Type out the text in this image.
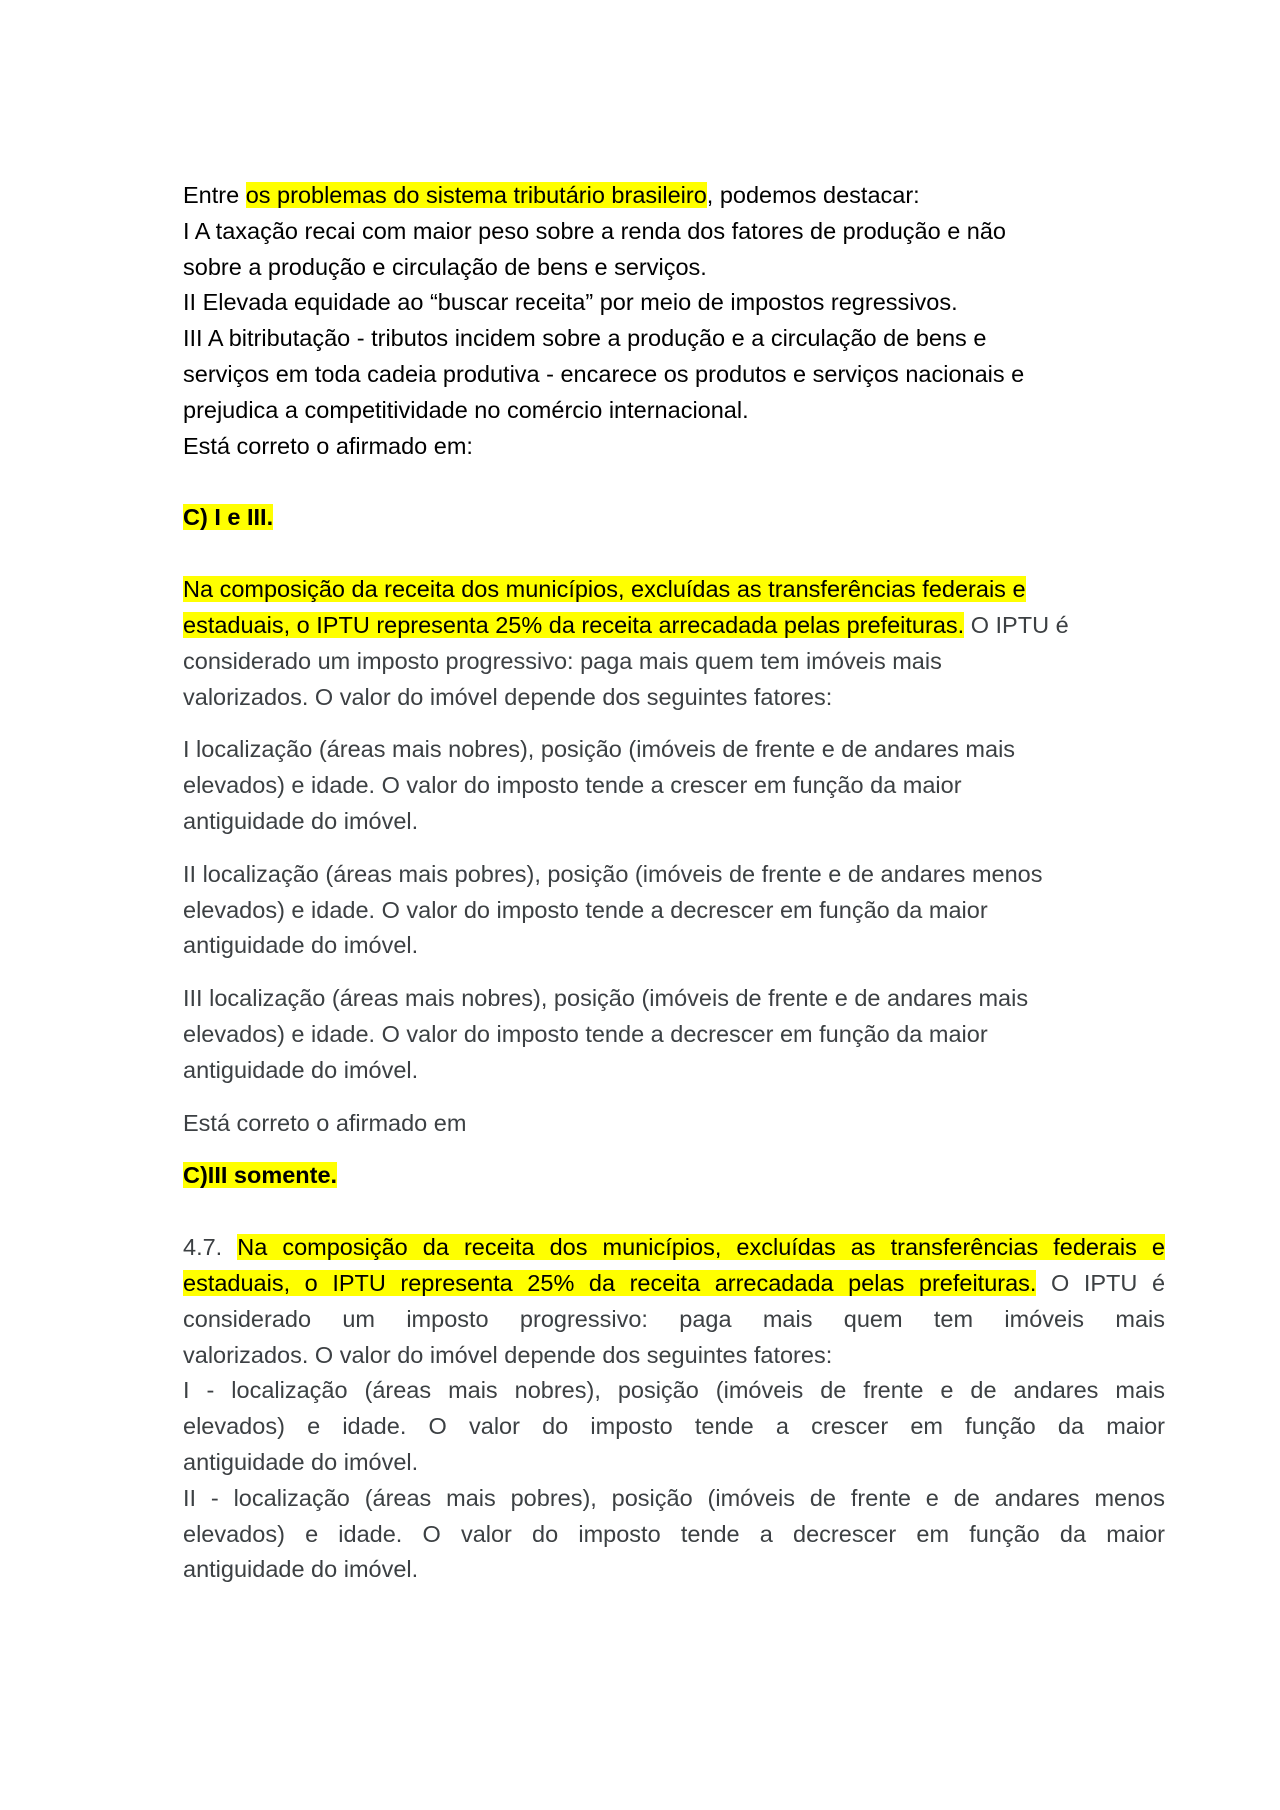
Entre os problemas do sistema tributário brasileiro, podemos destacar:

I A taxação recai com maior peso sobre a renda dos fatores de produção e não

sobre a produção e circulação de bens e serviços.

II Elevada equidade ao “buscar receita” por meio de impostos regressivos.

III A bitributação - tributos incidem sobre a produção e a circulação de bens e

serviços em toda cadeia produtiva - encarece os produtos e serviços nacionais e

prejudica a competitividade no comércio internacional.

Está correto o afirmado em:

C) I e III.

Na composição da receita dos municípios, excluídas as transferências federais e

estaduais, o IPTU representa 25% da receita arrecadada pelas prefeituras. O IPTU é

considerado um imposto progressivo: paga mais quem tem imóveis mais

valorizados. O valor do imóvel depende dos seguintes fatores:

I localização (áreas mais nobres), posição (imóveis de frente e de andares mais

elevados) e idade. O valor do imposto tende a crescer em função da maior

antiguidade do imóvel.

II localização (áreas mais pobres), posição (imóveis de frente e de andares menos

elevados) e idade. O valor do imposto tende a decrescer em função da maior

antiguidade do imóvel.

III localização (áreas mais nobres), posição (imóveis de frente e de andares mais

elevados) e idade. O valor do imposto tende a decrescer em função da maior

antiguidade do imóvel.

Está correto o afirmado em

C)III somente.

4.7. Na composição da receita dos municípios, excluídas as transferências federais e

estaduais, o IPTU representa 25% da receita arrecadada pelas prefeituras. O IPTU é

considerado um imposto progressivo: paga mais quem tem imóveis mais

valorizados. O valor do imóvel depende dos seguintes fatores:

I - localização (áreas mais nobres), posição (imóveis de frente e de andares mais

elevados) e idade. O valor do imposto tende a crescer em função da maior

antiguidade do imóvel.

II - localização (áreas mais pobres), posição (imóveis de frente e de andares menos

elevados) e idade. O valor do imposto tende a decrescer em função da maior

antiguidade do imóvel.
